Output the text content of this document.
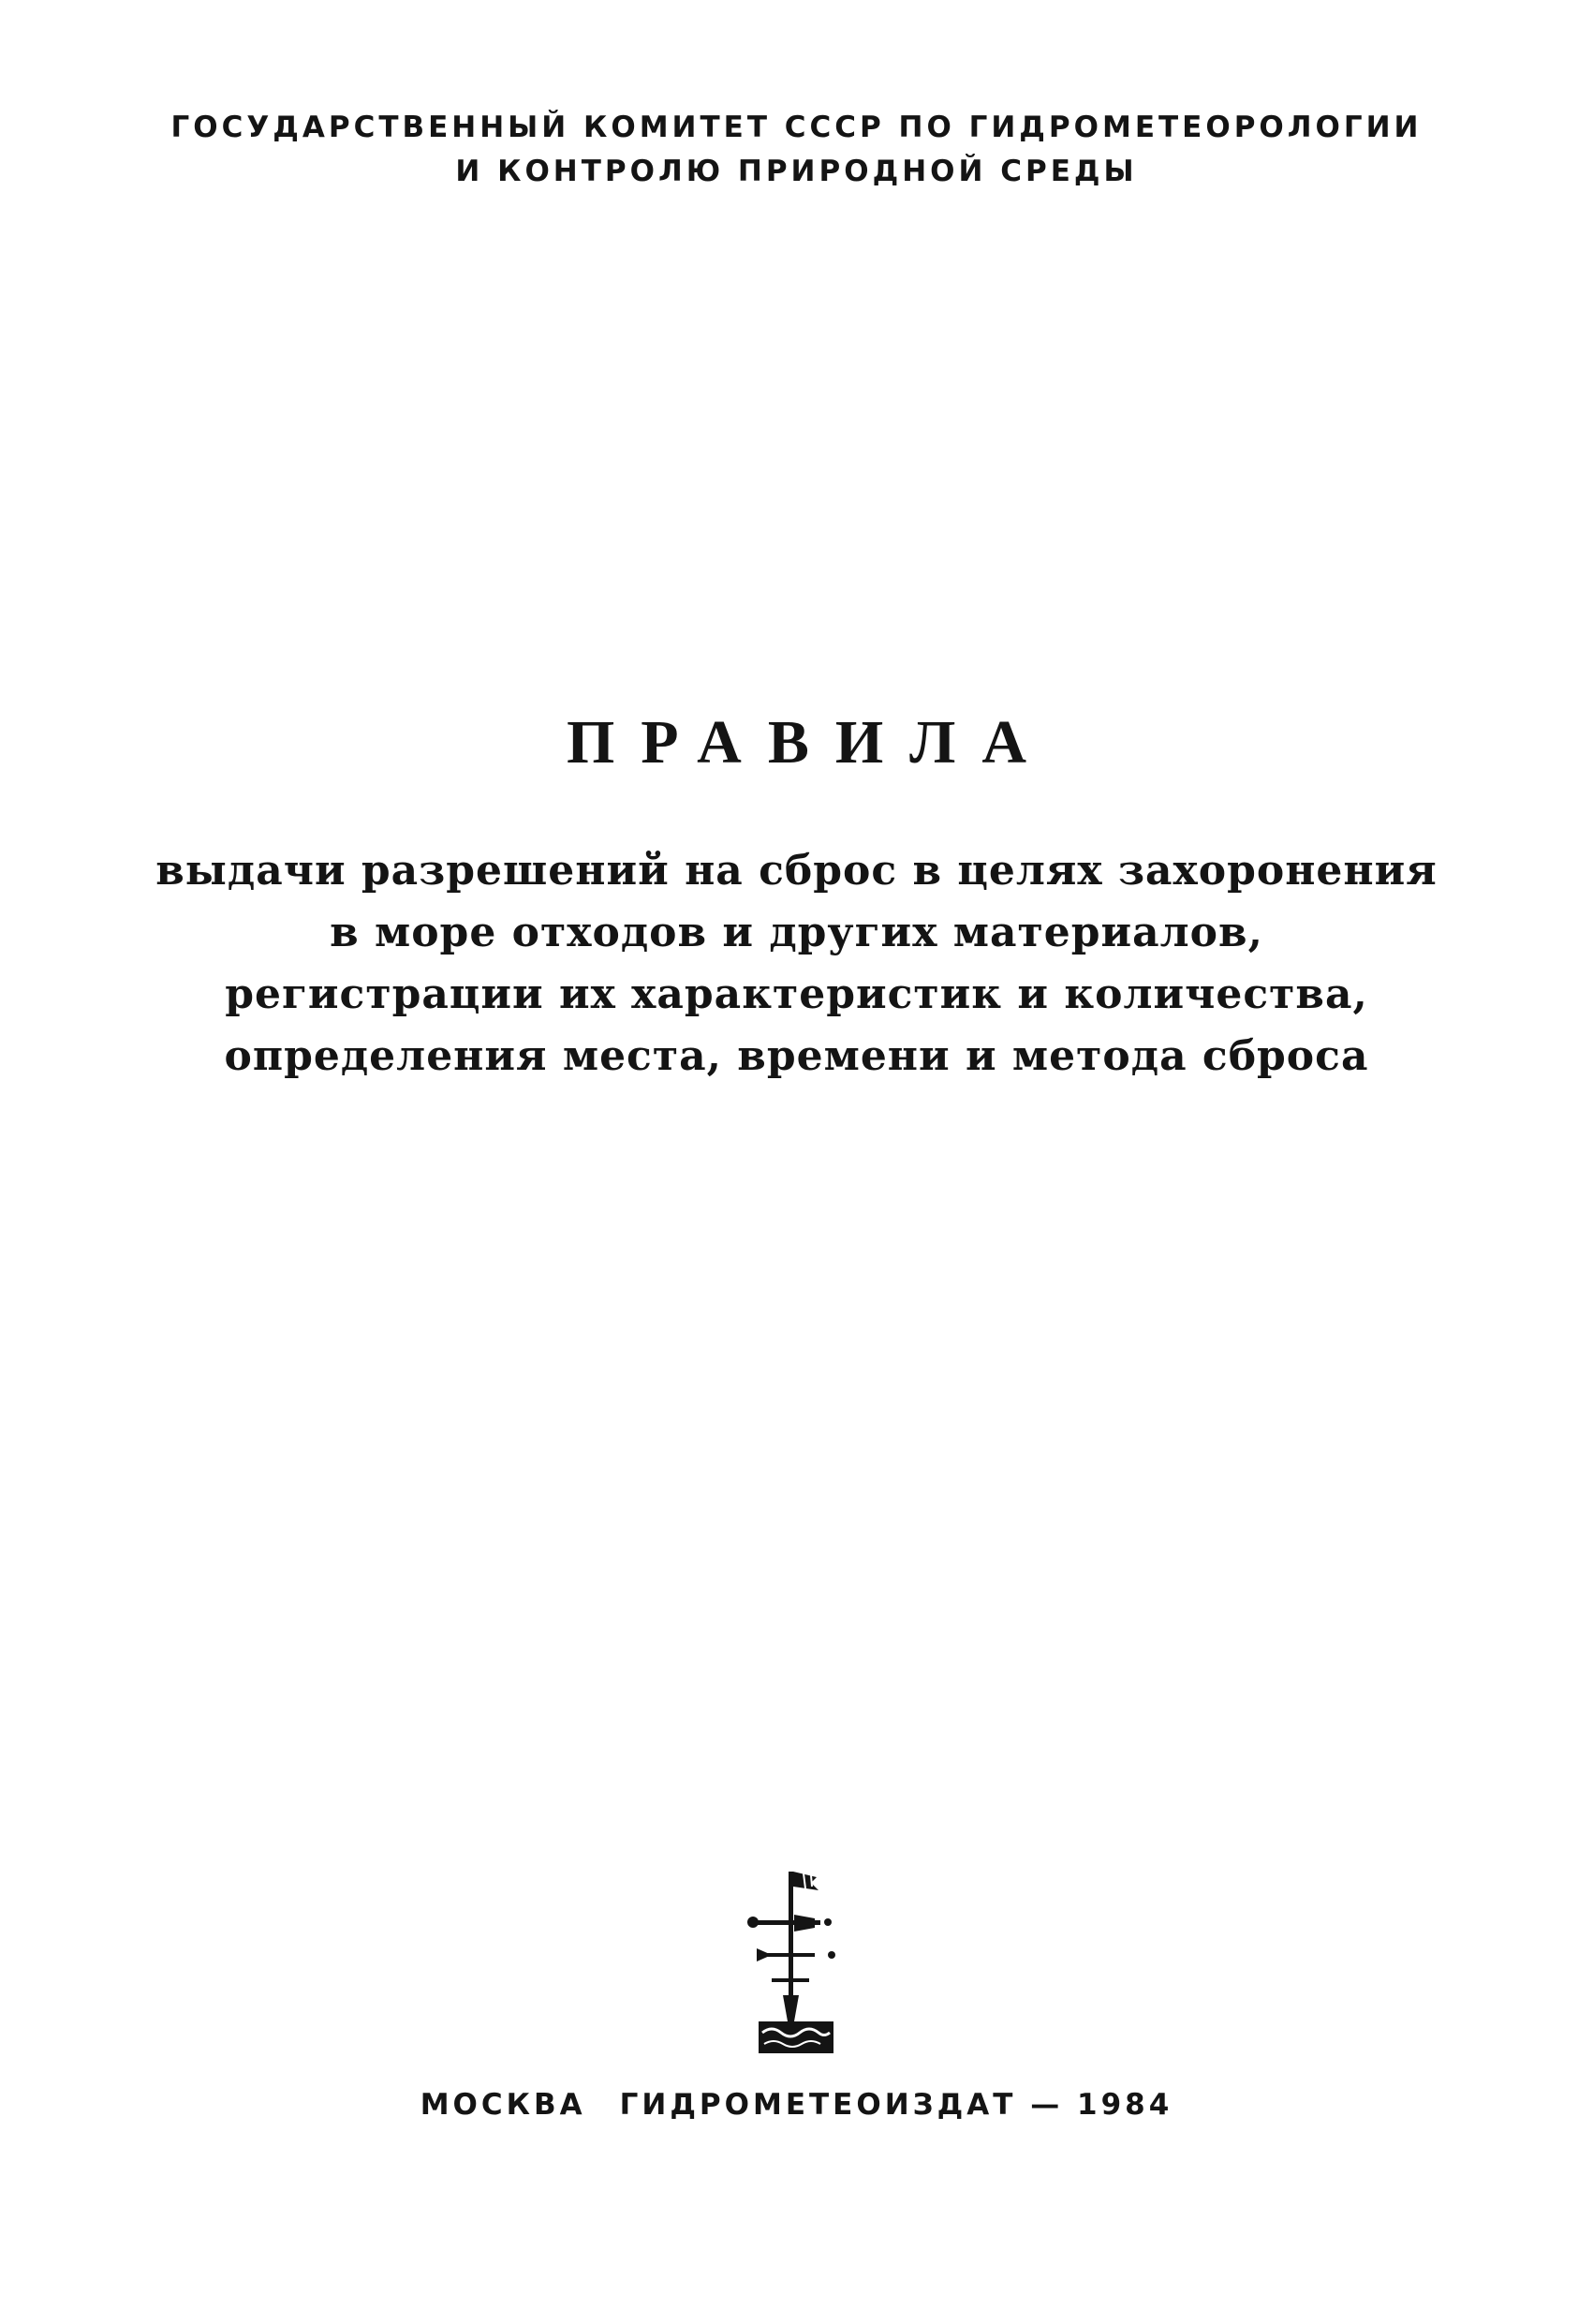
ГОСУДАРСТВЕННЫЙ КОМИТЕТ СССР ПО ГИДРОМЕТЕОРОЛОГИИ
И КОНТРОЛЮ ПРИРОДНОЙ СРЕДЫ
ПРАВИЛА
выдачи разрешений на сброс в целях захоронения
в море отходов и других материалов,
регистрации их характеристик и количества,
определения места, времени и метода сброса
МОСКВА ГИДРОМЕТЕОИЗДАТ — 1984
